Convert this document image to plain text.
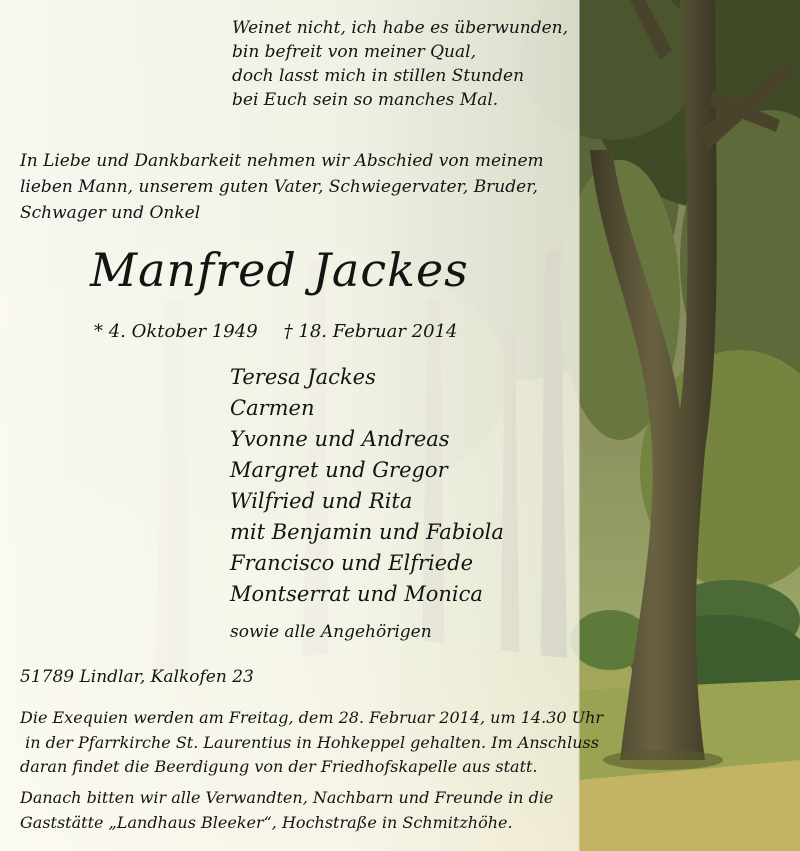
Weinet nicht, ich habe es überwunden,
bin befreit von meiner Qual,
doch lasst mich in stillen Stunden
bei Euch sein so manches Mal.
In Liebe und Dankbarkeit nehmen wir Abschied von meinem
lieben Mann, unserem guten Vater, Schwiegervater, Bruder,
Schwager und Onkel
Manfred Jackes
* 4. Oktober 1949 † 18. Februar 2014
Teresa Jackes
Carmen
Yvonne und Andreas
Margret und Gregor
Wilfried und Rita
mit Benjamin und Fabiola
Francisco und Elfriede
Montserrat und Monica
sowie alle Angehörigen
51789 Lindlar, Kalkofen 23
Die Exequien werden am Freitag, dem 28. Februar 2014, um 14.30 Uhr
in der Pfarrkirche St. Laurentius in Hohkeppel gehalten. Im Anschluss
daran findet die Beerdigung von der Friedhofskapelle aus statt.
Danach bitten wir alle Verwandten, Nachbarn und Freunde in die
Gaststätte „Landhaus Bleeker“, Hochstraße in Schmitzhöhe.
